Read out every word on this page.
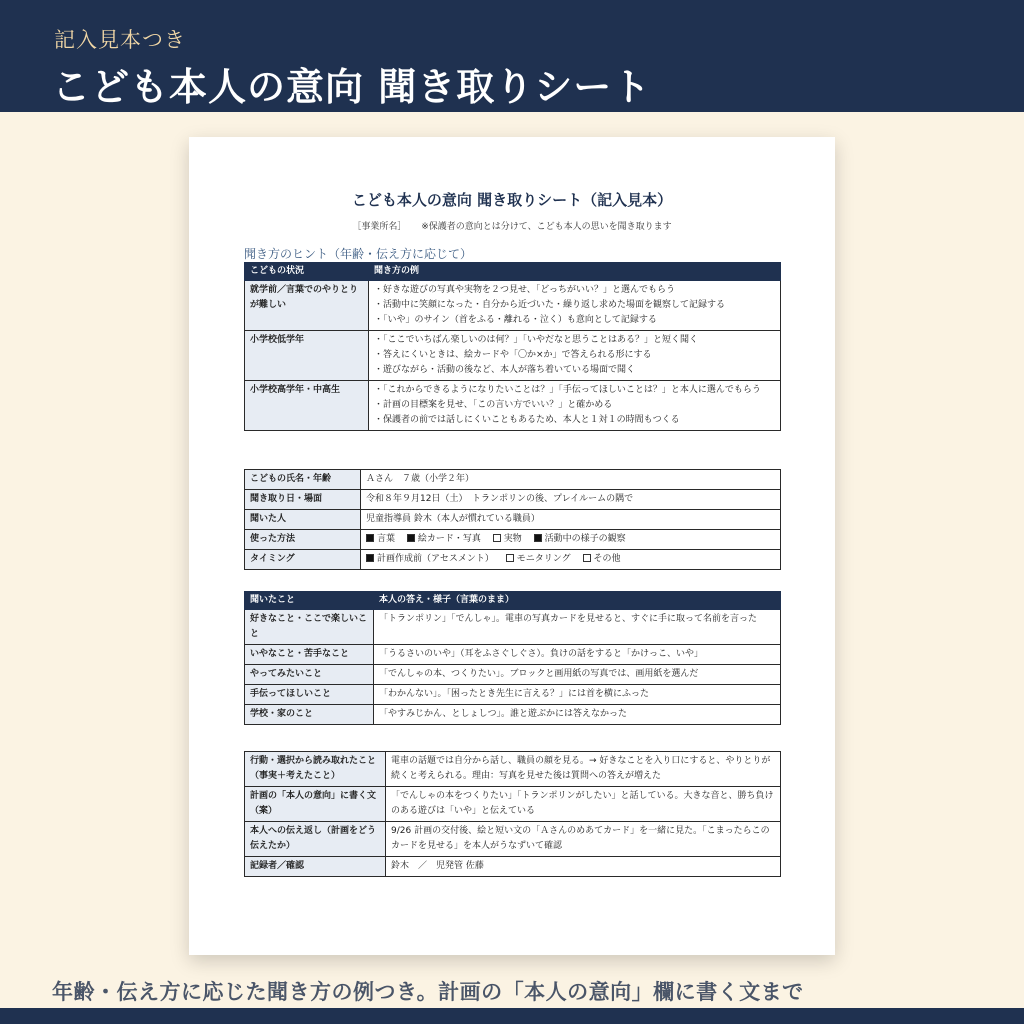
記入見本つき
こども本人の意向 聞き取りシート
こども本人の意向 聞き取りシート（記入見本）
［事業所名］ ※保護者の意向とは分けて、こども本人の思いを聞き取ります
聞き方のヒント（年齢・伝え方に応じて）
こどもの状況	聞き方の例
就学前／言葉でのやりとりが難しい	・好きな遊びの写真や実物を２つ見せ、「どっちがいい？」と選んでもらう
・活動中に笑顔になった・自分から近づいた・繰り返し求めた場面を観察して記録する
・「いや」のサイン（首をふる・離れる・泣く）も意向として記録する

小学校低学年	・「ここでいちばん楽しいのは何？」「いやだなと思うことはある？」と短く聞く
・答えにくいときは、絵カードや「〇か×か」で答えられる形にする
・遊びながら・活動の後など、本人が落ち着いている場面で聞く

小学校高学年・中高生	・「これからできるようになりたいことは？」「手伝ってほしいことは？」と本人に選んでもらう
・計画の目標案を見せ、「この言い方でいい？」と確かめる
・保護者の前では話しにくいこともあるため、本人と１対１の時間もつくる
こどもの氏名・年齢	Ａさん　７歳（小学２年）
聞き取り日・場面	令和８年９月12日（土）　トランポリンの後、プレイルームの隅で
聞いた人	児童指導員 鈴木（本人が慣れている職員）
使った方法	言葉 絵カード・写真 実物 活動中の様子の観察
タイミング	計画作成前（アセスメント） モニタリング その他
聞いたこと	本人の答え・様子（言葉のまま）
好きなこと・ここで楽しいこと	「トランポリン」「でんしゃ」。電車の写真カードを見せると、すぐに手に取って名前を言った
いやなこと・苦手なこと	「うるさいのいや」（耳をふさぐしぐさ）。負けの話をすると「かけっこ、いや」
やってみたいこと	「でんしゃの本、つくりたい」。ブロックと画用紙の写真では、画用紙を選んだ
手伝ってほしいこと	「わかんない」。「困ったとき先生に言える？」には首を横にふった
学校・家のこと	「やすみじかん、としょしつ」。誰と遊ぶかには答えなかった
行動・選択から読み取れたこと（事実＋考えたこと）	電車の話題では自分から話し、職員の顔を見る。→ 好きなことを入り口にすると、やりとりが続くと考えられる。理由：写真を見せた後は質問への答えが増えた
計画の「本人の意向」に書く文（案）	「でんしゃの本をつくりたい」「トランポリンがしたい」と話している。大きな音と、勝ち負けのある遊びは「いや」と伝えている
本人への伝え返し（計画をどう伝えたか）	9/26 計画の交付後、絵と短い文の「Ａさんのめあてカード」を一緒に見た。「こまったらこのカードを見せる」を本人がうなずいて確認
記録者／確認	鈴木　／　児発管 佐藤
年齢・伝え方に応じた聞き方の例つき。計画の「本人の意向」欄に書く文まで
